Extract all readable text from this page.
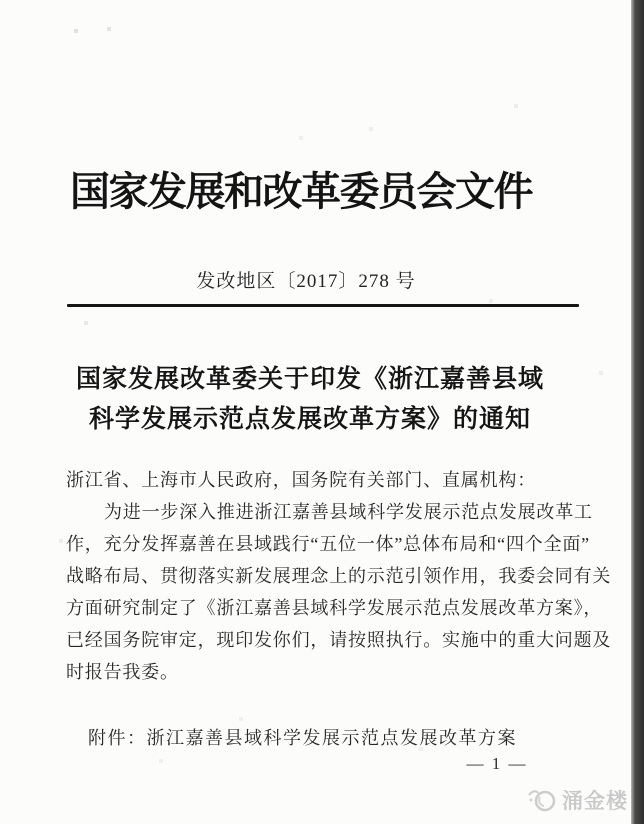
国家发展和改革委员会文件
发改地区〔2017〕278 号
国家发展改革委关于印发《浙江嘉善县域
科学发展示范点发展改革方案》的通知
浙江省、上海市人民政府，国务院有关部门、直属机构：
为进一步深入推进浙江嘉善县域科学发展示范点发展改革工
作，充分发挥嘉善在县域践行“五位一体”总体布局和“四个全面”
战略布局、贯彻落实新发展理念上的示范引领作用，我委会同有关
方面研究制定了《浙江嘉善县域科学发展示范点发展改革方案》，
已经国务院审定，现印发你们，请按照执行。实施中的重大问题及
时报告我委。
附件：浙江嘉善县域科学发展示范点发展改革方案
— 1 —
涌金楼
